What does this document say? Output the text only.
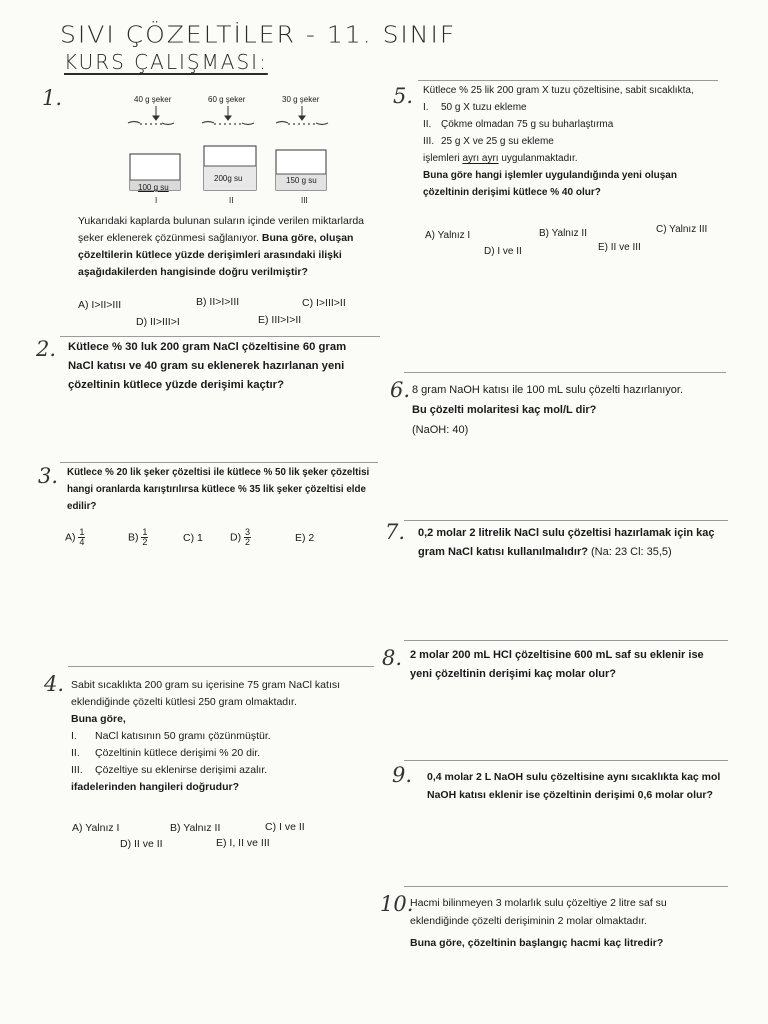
SIVI ÇÖZELTİLER - 11. SINIF
KURS ÇALIŞMASI:
1.	40 g şeker	60 g şeker	30 g şeker
100 g su
200g su	150 g su
I	II	III
Yukarıdaki kaplarda bulunan suların içinde verilen miktarlarda şeker eklenerek çözünmesi sağlanıyor. Buna göre, oluşan çözeltilerin kütlece yüzde derişimleri arasındaki ilişki aşağıdakilerden hangisinde doğru verilmiştir?
A) I>II>III	B) II>I>III	C) I>III>II
D) II>III>I	E) III>I>II
2. Kütlece % 30 luk 200 gram NaCl çözeltisine 60 gram NaCl katısı ve 40 gram su eklenerek hazırlanan yeni çözeltinin kütlece yüzde derişimi kaçtır?
3. Kütlece % 20 lik şeker çözeltisi ile kütlece % 50 lik şeker çözeltisi hangi oranlarda karıştırılırsa kütlece % 35 lik şeker çözeltisi elde edilir?
$A) \frac{1}{4}$	$B) \frac{1}{2}$	C) 1	$D) \frac{3}{2}$	E) 2
4. Sabit sıcaklıkta 200 gram su içerisine 75 gram NaCl katısı eklendiğinde çözelti kütlesi 250 gram olmaktadır.
Buna göre,
I. NaCl katısının 50 gramı çözünmüştür.
II. Çözeltinin kütlece derişimi % 20 dir.
III. Çözeltiye su eklenirse derişimi azalır.
ifadelerinden hangileri doğrudur?
A) Yalnız I	B) Yalnız II	C) I ve II
D) II ve II	E) I, II ve III
5. Kütlece % 25 lik 200 gram X tuzu çözeltisine, sabit sıcaklıkta,
I. 50 g X tuzu ekleme
II. Çökme olmadan 75 g su buharlaştırma
III. 25 g X ve 25 g su ekleme
işlemleri ayrı ayrı uygulanmaktadır.
Buna göre hangi işlemler uygulandığında yeni oluşan çözeltinin derişimi kütlece % 40 olur?
A) Yalnız I	B) Yalnız II	C) Yalnız III
D) I ve II	E) II ve III
6. 8 gram NaOH katısı ile 100 mL sulu çözelti hazırlanıyor.
Bu çözelti molaritesi kaç mol/L dir?
(NaOH: 40)
7. 0,2 molar 2 litrelik NaCl sulu çözeltisi hazırlamak için kaç gram NaCl katısı kullanılmalıdır? (Na: 23 Cl: 35,5)
8. 2 molar 200 mL HCl çözeltisine 600 mL saf su eklenir ise yeni çözeltinin derişimi kaç molar olur?
9. 0,4 molar 2 L NaOH sulu çözeltisine aynı sıcaklıkta kaç mol NaOH katısı eklenir ise çözeltinin derişimi 0,6 molar olur?
10.
Hacmi bilinmeyen 3 molarlık sulu çözeltiye 2 litre saf su eklendiğinde çözelti derişiminin 2 molar olmaktadır.
Buna göre, çözeltinin başlangıç hacmi kaç litredir?
